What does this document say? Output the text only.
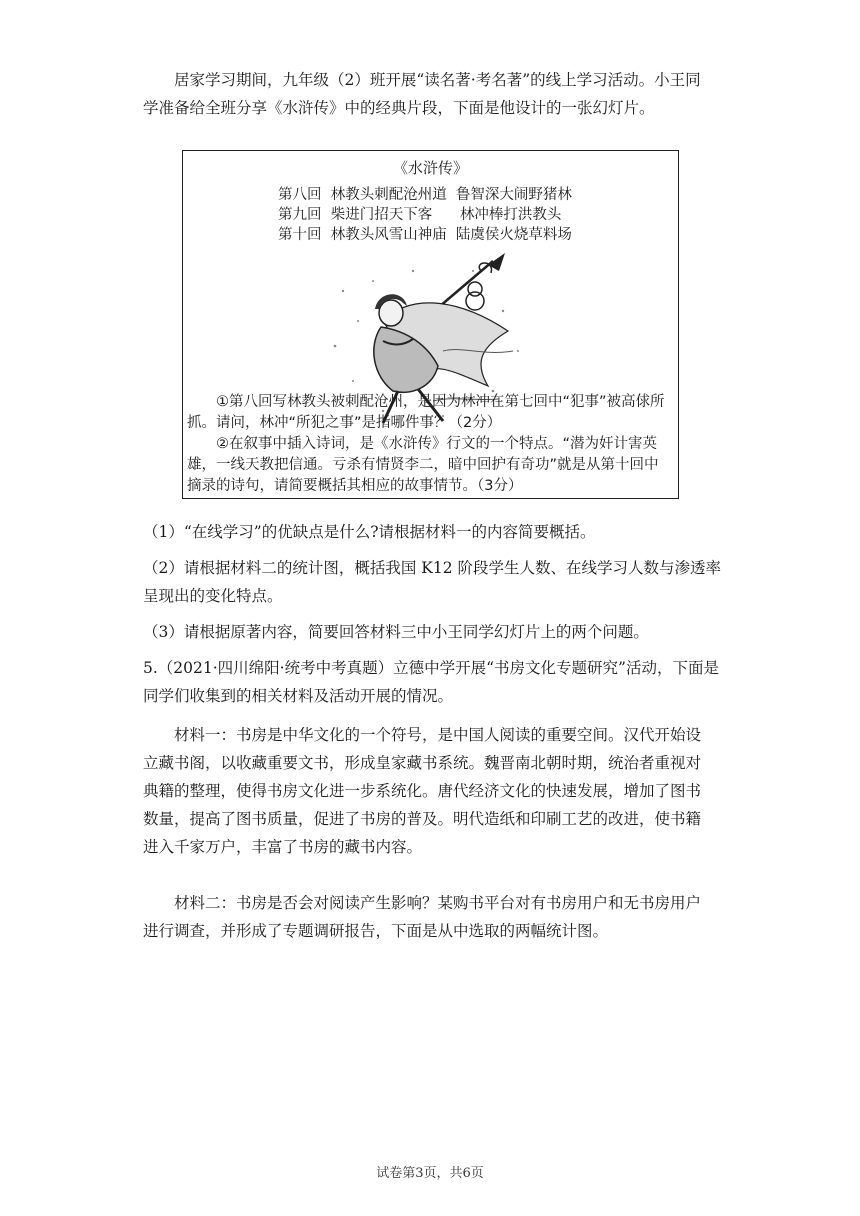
居家学习期间，九年级（2）班开展“读名著·考名著”的线上学习活动。小王同学准备给全班分享《水浒传》中的经典片段，下面是他设计的一张幻灯片。

《水浒传》
第八回  林教头刺配沧州道  鲁智深大闹野猪林
第九回  柴进门招天下客      林冲棒打洪教头
第十回  林教头风雪山神庙  陆虞侯火烧草料场

①第八回写林教头被刺配沧州，是因为林冲在第七回中“犯事”被高俅所抓。请问，林冲“所犯之事”是指哪件事？（2分）

②在叙事中插入诗词，是《水浒传》行文的一个特点。“潜为奸计害英雄，一线天教把信通。亏杀有情贤李二，暗中回护有奇功”就是从第十回中摘录的诗句，请简要概括其相应的故事情节。（3分）

（1）“在线学习”的优缺点是什么?请根据材料一的内容简要概括。

（2）请根据材料二的统计图，概括我国 K12 阶段学生人数、在线学习人数与渗透率呈现出的变化特点。

（3）请根据原著内容，简要回答材料三中小王同学幻灯片上的两个问题。

5.（2021·四川绵阳·统考中考真题）立德中学开展“书房文化专题研究”活动，下面是同学们收集到的相关材料及活动开展的情况。

材料一：书房是中华文化的一个符号，是中国人阅读的重要空间。汉代开始设立藏书阁，以收藏重要文书，形成皇家藏书系统。魏晋南北朝时期，统治者重视对典籍的整理，使得书房文化进一步系统化。唐代经济文化的快速发展，增加了图书数量，提高了图书质量，促进了书房的普及。明代造纸和印刷工艺的改进，使书籍进入千家万户，丰富了书房的藏书内容。

材料二：书房是否会对阅读产生影响？某购书平台对有书房用户和无书房用户进行调查，并形成了专题调研报告，下面是从中选取的两幅统计图。

试卷第3页，共6页
